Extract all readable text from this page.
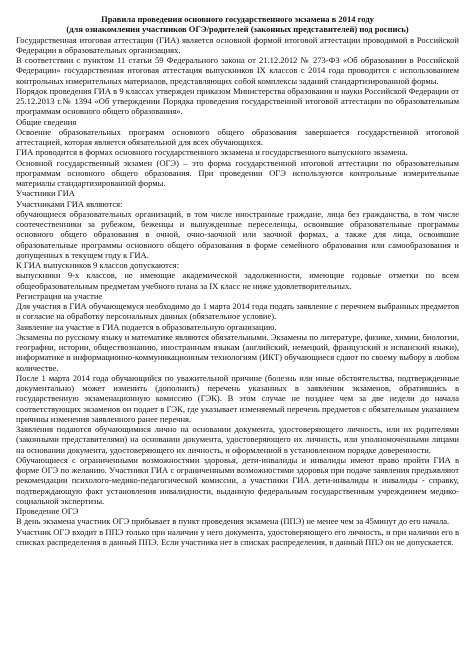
Правила проведения основного государственного экзамена в 2014 году

(для ознакомления участников ОГЭ/родителей (законных представителей) под роспись)

Государственная итоговая аттестация (ГИА) является основной формой итоговой аттестации проводимой в Российской Федерации в образовательных организациях.

В соответствии с пунктом 11 статьи 59 Федерального закона от 21.12.2012 № 273-ФЗ «Об образовании в Российской Федерации» государственная итоговая аттестация выпускников IX классов с 2014 года проводится с использованием контрольных измерительных материалов, представляющих собой комплексы заданий стандартизированной формы.

Порядок проведения ГИА в 9 классах утвержден приказом Министерства образования и науки Российской Федерации от 25.12.2013 г.№ 1394 «Об утверждении Порядка проведения государственной итоговой аттестации по образовательным программам основного общего образования».

Общие сведения

Освоение образовательных программ основного общего образования завершается государственной итоговой аттестацией, которая является обязательной для всех обучающихся.

ГИА проводится в формах основного государственного экзамена и государственного выпускного экзамена.

Основной государственный экзамен (ОГЭ) – это форма государственной итоговой аттестации по образовательным программам основного общего образования. При проведении ОГЭ используются контрольные измерительные материалы стандартизированной формы.

Участники ГИА

Участниками ГИА являются:

обучающиеся образовательных организаций, в том числе иностранные граждане, лица без гражданства, в том числе соотечественники за рубежом, беженцы и вынужденные переселенцы, освоившие образовательные программы основного общего образования в очной, очно-заочной или заочной формах, а также для лица, освоившие образовательные программы основного общего образования в форме семейного образования или самообразования и допущенных в текущем году к ГИА.

К ГИА выпускников 9 классов допускаются:

выпускники 9-х классов, не имеющие академической задолженности, имеющие годовые отметки по всем общеобразовательным предметам учебного плана за IX класс не ниже удовлетворительных.

Регистрация на участие

Для участия в ГИА обучающемуся необходимо до 1 марта 2014 года подать заявление с перечнем выбранных предметов и согласие на обработку персональных данных (обязательное условие).

Заявление на участие в ГИА подается в образовательную организацию.

Экзамены по русскому языку и математике являются обязательными. Экзамены по литературе, физике, химии, биологии, географии, истории, обществознанию, иностранным языкам (английский, немецкий, французский и испанский языки), информатике и информационно-коммуникационным технологиям (ИКТ) обучающиеся сдают по своему выбору в любом количестве.

После 1 марта 2014 года обучающийся по уважительной причине (болезнь или иные обстоятельства, подтвержденные документально) может изменить (дополнить) перечень указанных в заявлении экзаменов, обратившись в государственную экзаменационную комиссию (ГЭК). В этом случае не позднее чем за две недели до начала соответствующих экзаменов он подает в ГЭК, где указывает изменяемый перечень предметов с обязательным указанием причины изменения заявленного ранее перечня.

Заявления подаются обучающимися лично на основании документа, удостоверяющего личность, или их родителями (законными представителями) на основании документа, удостоверяющего их личность, или уполномоченными лицами на основании документа, удостоверяющего их личность, и оформленной в установленном порядке доверенности.

Обучающиеся с ограниченными возможностями здоровья, дети-инвалиды и инвалиды имеют право пройти ГИА в форме ОГЭ по желанию. Участники ГИА с ограниченными возможностями здоровья при подаче заявления предъявляют рекомендации психолого-медико-педагогической комиссии, а участники ГИА дети-инвалиды и инвалиды - справку, подтверждающую факт установления инвалидности, выданную федеральным государственным учреждением медико-социальной экспертизы.

Проведение ОГЭ

В день экзамена участник ОГЭ прибывает в пункт проведения экзамена (ППЭ) не менее чем за 45минут до его начала.

Участник ОГЭ входит в ППЭ только при наличии у него документа, удостоверяющего его личность, и при наличии его в списках распределения в данный ППЭ. Если участника нет в списках распределения, в данный ППЭ он не допускается.
